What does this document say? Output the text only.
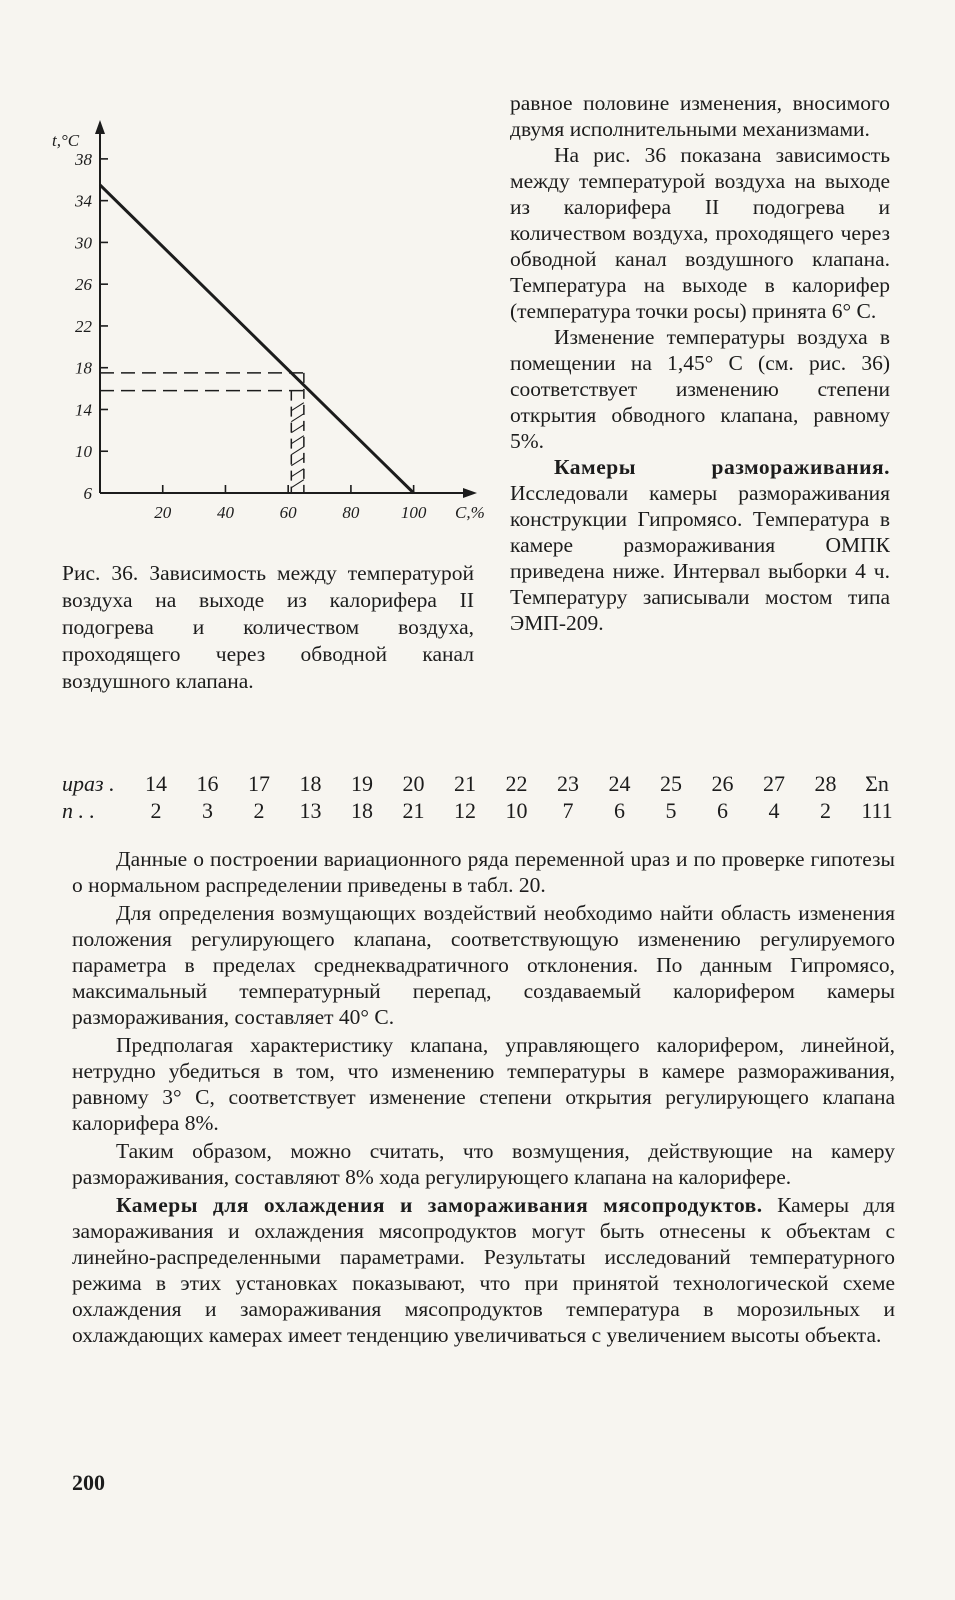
6
10
14
18
22
26
30
34
38
20	40	60	80 100
t,°C
C,%
Рис. 36. Зависимость между температурой воздуха на выходе из калорифера II подогрева и количеством воздуха, проходящего через обводной канал воздушного клапана.

равное половине изменения, вносимого двумя исполнительными механизмами.

На рис. 36 показана зависимость между температурой воздуха на выходе из калорифера II подогрева и количеством воздуха, проходящего через обводной канал воздушного клапана. Температура на выходе в калорифер (температура точки росы) принята 6° С.

Изменение температуры воздуха в помещении на 1,45° С (см. рис. 36) соответствует изменению степени открытия обводного клапана, равному 5%.

Камеры размораживания. Исследовали камеры размораживания конструкции Гипромясо. Температура в камере размораживания ОМПК приведена ниже. Интервал выборки 4 ч. Температуру записывали мостом типа ЭМП-209.

uраз .	14	16	17	18	19	20	21	22	23	24	25	26	27	28	Σn
n . .	2	3	2	13	18	21	12	10	7	6	5	6	4	2	111

Данные о построении вариационного ряда переменной uраз и по проверке гипотезы о нормальном распределении приведены в табл. 20.

Для определения возмущающих воздействий необходимо найти область изменения положения регулирующего клапана, соответствующую изменению регулируемого параметра в пределах среднеквадратичного отклонения. По данным Гипромясо, максимальный температурный перепад, создаваемый калорифером камеры размораживания, составляет 40° С.

Предполагая характеристику клапана, управляющего калорифером, линейной, нетрудно убедиться в том, что изменению температуры в камере размораживания, равному 3° С, соответствует изменение степени открытия регулирующего клапана калорифера 8%.

Таким образом, можно считать, что возмущения, действующие на камеру размораживания, составляют 8% хода регулирующего клапана на калорифере.

Камеры для охлаждения и замораживания мясопродуктов. Камеры для замораживания и охлаждения мясопродуктов могут быть отнесены к объектам с линейно-распределенными параметрами. Результаты исследований температурного режима в этих установках показывают, что при принятой технологической схеме охлаждения и замораживания мясопродуктов температура в морозильных и охлаждающих камерах имеет тенденцию увеличиваться с увеличением высоты объекта.

200
